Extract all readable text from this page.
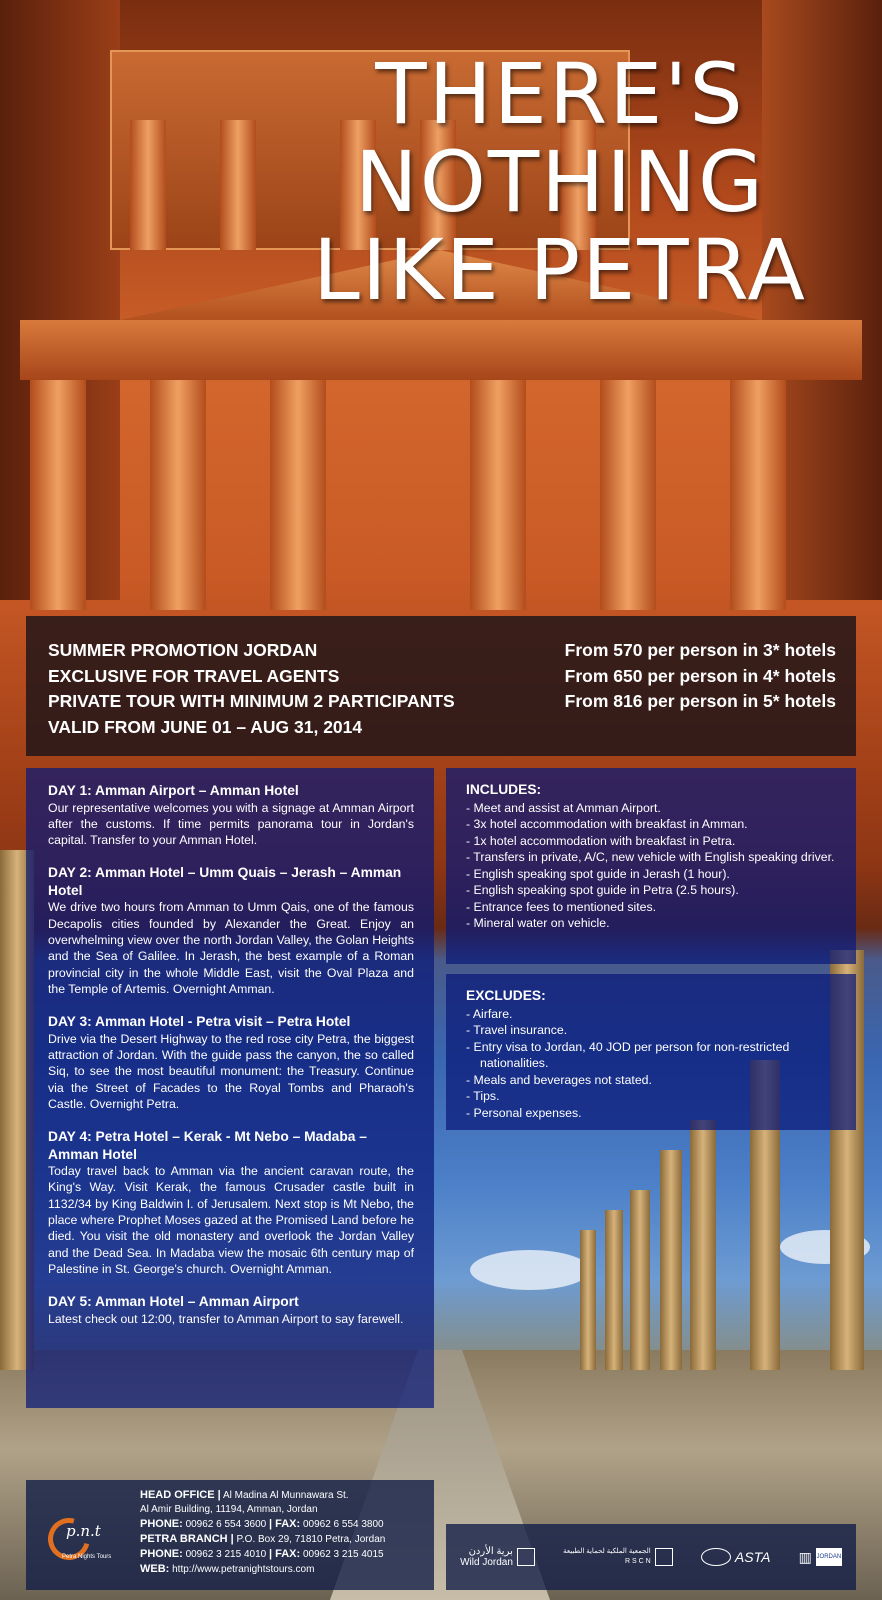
THERE'S NOTHING
LIKE PETRA
SUMMER PROMOTION JORDAN
EXCLUSIVE FOR TRAVEL AGENTS
PRIVATE TOUR WITH MINIMUM 2 PARTICIPANTS
VALID FROM JUNE 01 – AUG 31, 2014
From 570 per person in 3* hotels
From 650 per person in 4* hotels
From 816 per person in 5* hotels
DAY 1: Amman Airport – Amman Hotel

Our representative welcomes you with a signage at Amman Airport after the customs. If time permits panorama tour in Jordan's capital. Transfer to your Amman Hotel.

DAY 2: Amman Hotel – Umm Quais – Jerash – Amman Hotel

We drive two hours from Amman to Umm Qais, one of the famous Decapolis cities founded by Alexander the Great. Enjoy an overwhelming view over the north Jordan Valley, the Golan Heights and the Sea of Galilee. In Jerash, the best example of a Roman provincial city in the whole Middle East, visit the Oval Plaza and the Temple of Artemis. Overnight Amman.

DAY 3: Amman Hotel - Petra visit – Petra Hotel

Drive via the Desert Highway to the red rose city Petra, the biggest attraction of Jordan. With the guide pass the canyon, the so called Siq, to see the most beautiful monument: the Treasury. Continue via the Street of Facades to the Royal Tombs and Pharaoh's Castle. Overnight Petra.

DAY 4: Petra Hotel – Kerak - Mt Nebo – Madaba – Amman Hotel

Today travel back to Amman via the ancient caravan route, the King's Way. Visit Kerak, the famous Crusader castle built in 1132/34 by King Baldwin I. of Jerusalem. Next stop is Mt Nebo, the place where Prophet Moses gazed at the Promised Land before he died. You visit the old monastery and overlook the Jordan Valley and the Dead Sea. In Madaba view the mosaic 6th century map of Palestine in St. George's church. Overnight Amman.

DAY 5: Amman Hotel – Amman Airport

Latest check out 12:00, transfer to Amman Airport to say farewell.

INCLUDES:
- Meet and assist at Amman Airport.
- 3x hotel accommodation with breakfast in Amman.
- 1x hotel accommodation with breakfast in Petra.
- Transfers in private, A/C, new vehicle with English speaking driver.
- English speaking spot guide in Jerash (1 hour).
- English speaking spot guide in Petra (2.5 hours).
- Entrance fees to mentioned sites.
- Mineral water on vehicle.
EXCLUDES:
- Airfare.
- Travel insurance.
- Entry visa to Jordan, 40 JOD per person for non-restricted nationalities.
- Meals and beverages not stated.
- Tips.
- Personal expenses.
p.n.t
Petra Nights Tours
HEAD OFFICE | Al Madina Al Munnawara St.
Al Amir Building, 11194, Amman, Jordan
PHONE: 00962 6 554 3600 | FAX: 00962 6 554 3800
PETRA BRANCH | P.O. Box 29, 71810 Petra, Jordan
PHONE: 00962 3 215 4010 | FAX: 00962 3 215 4015
WEB: http://www.petranightstours.com
برية الأردن
Wild Jordan
الجمعية الملكية لحماية الطبيعة
R S C N	ASTA ▥ JORDAN
